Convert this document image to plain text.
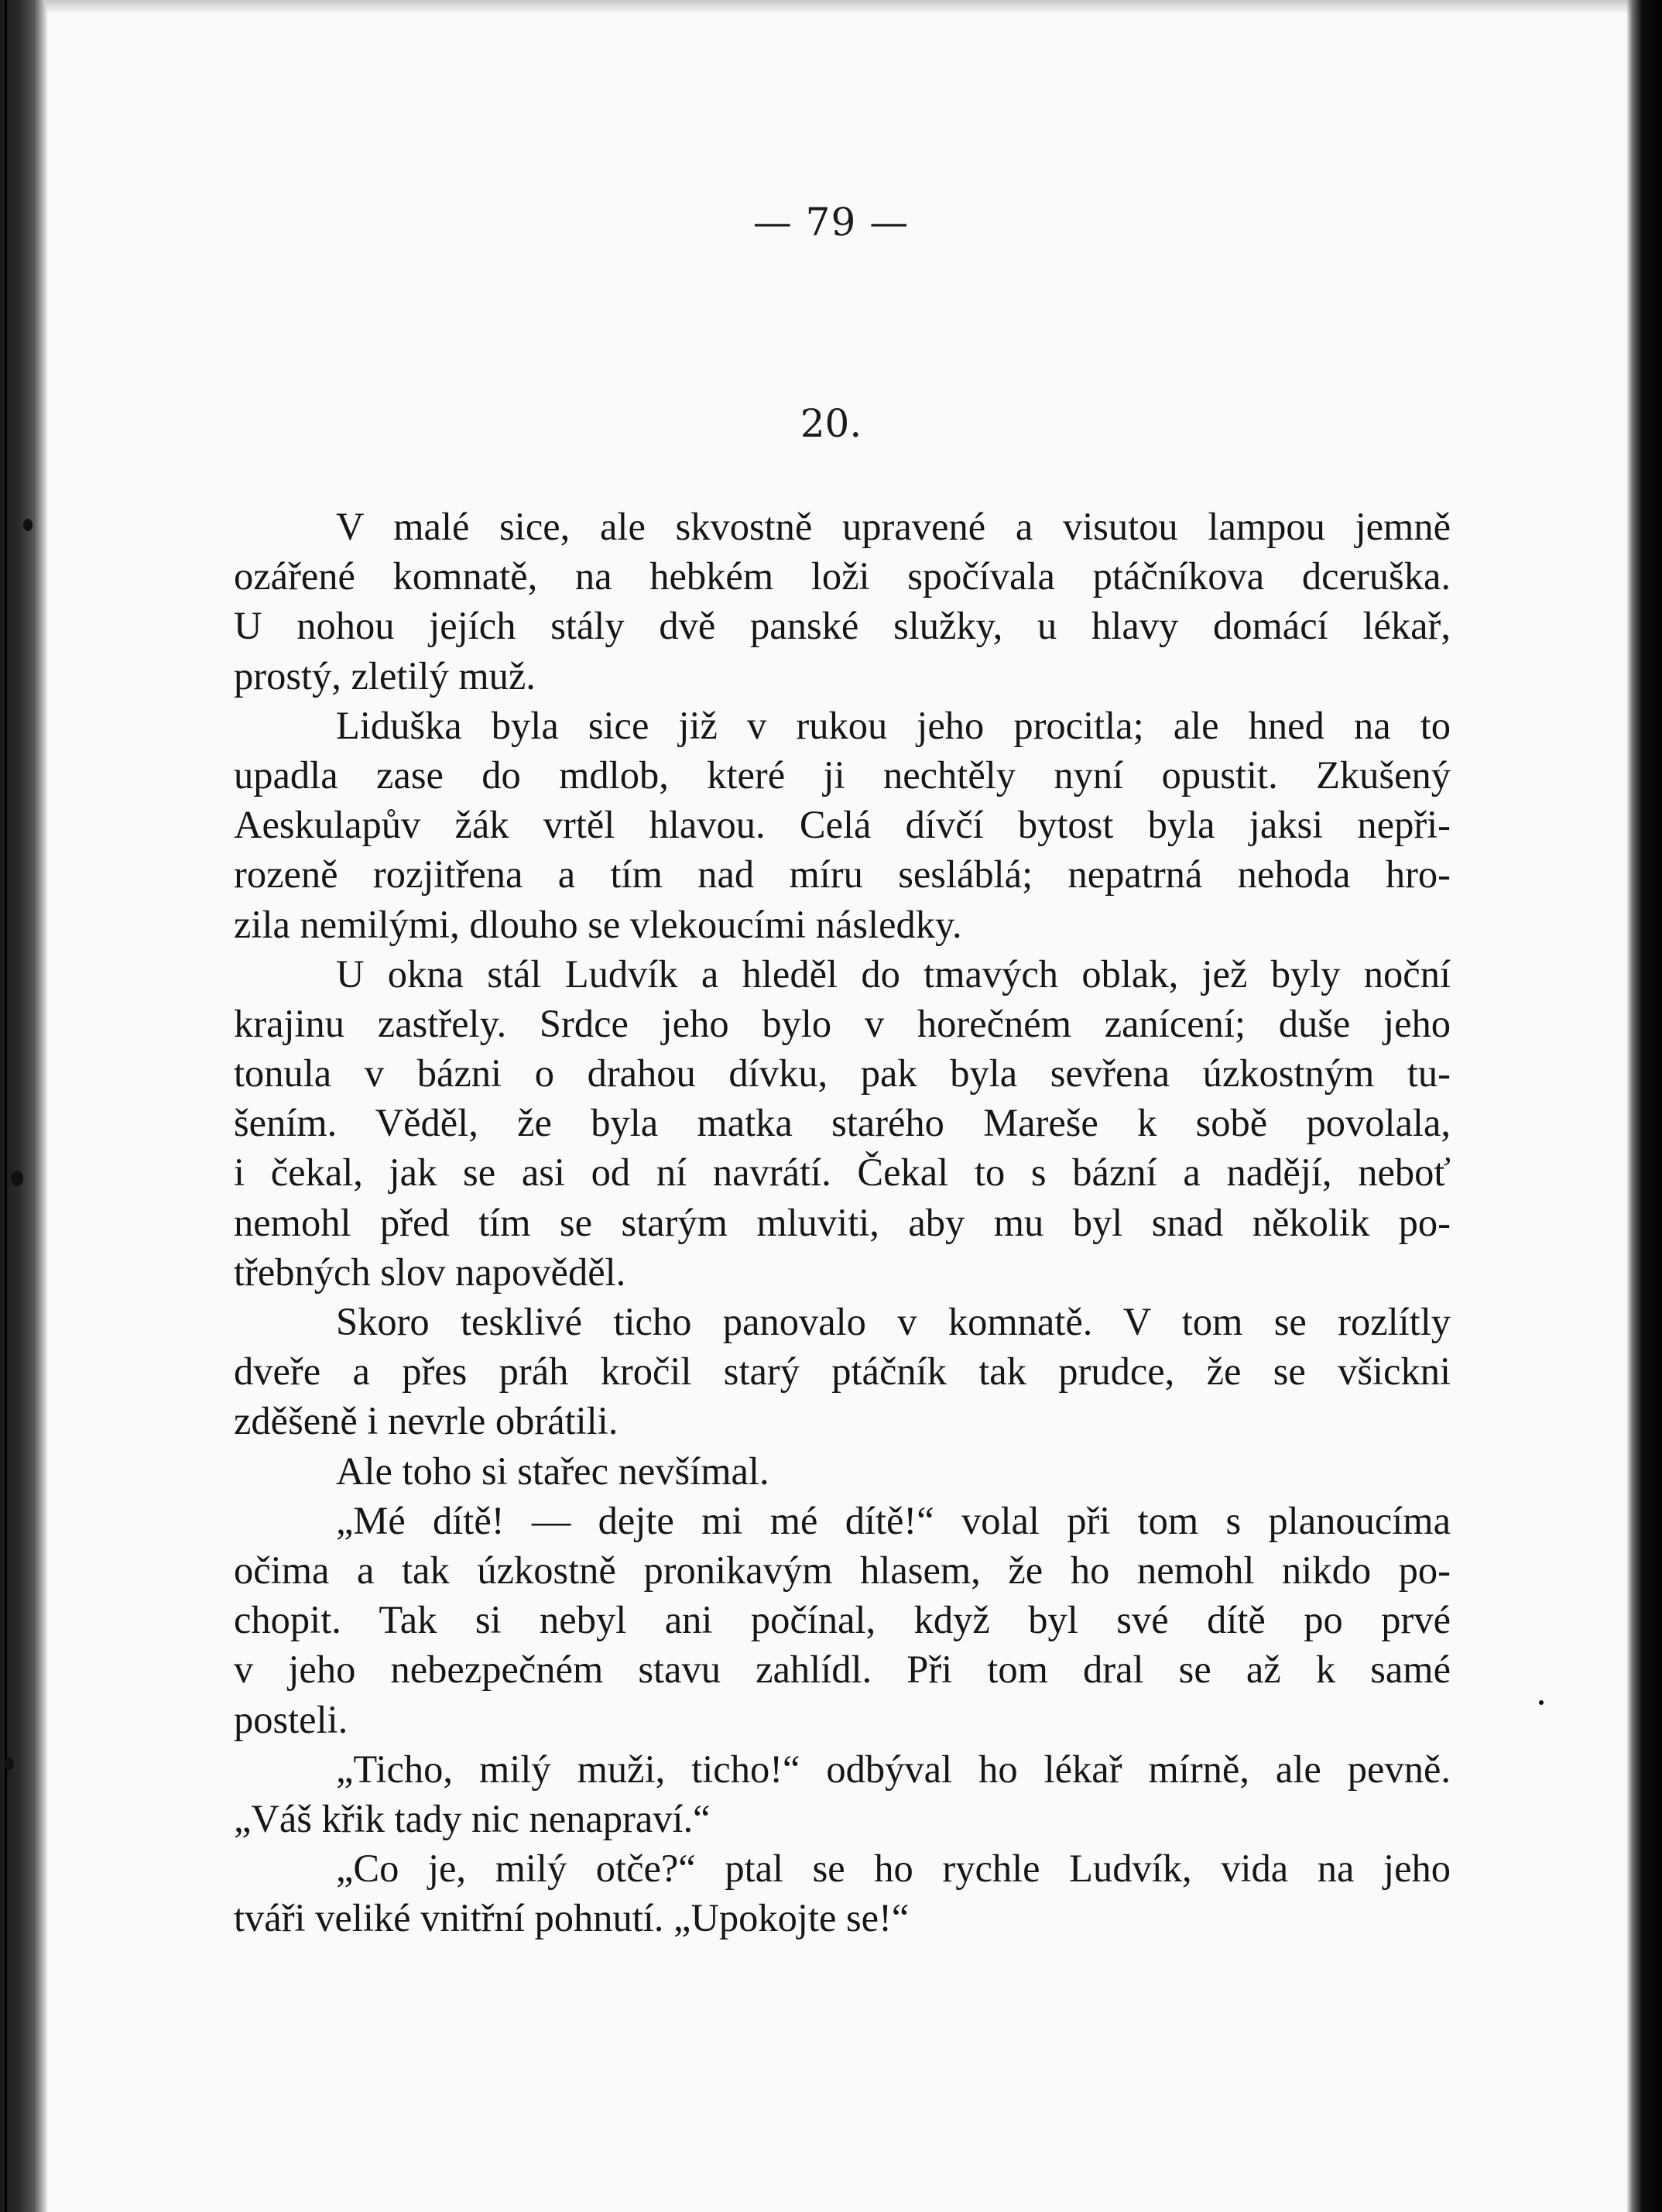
— 79 —
20.
V malé sice, ale skvostně upravené a visutou lampou jemně
ozářené komnatě, na hebkém loži spočívala ptáčníkova dceruška.
U nohou jejích stály dvě panské služky, u hlavy domácí lékař,
prostý, zletilý muž.
Liduška byla sice již v rukou jeho procitla; ale hned na to
upadla zase do mdlob, které ji nechtěly nyní opustit. Zkušený
Aeskulapův žák vrtěl hlavou. Celá dívčí bytost byla jaksi nepři-
rozeně rozjitřena a tím nad míru sesláblá; nepatrná nehoda hro-
zila nemilými, dlouho se vlekoucími následky.
U okna stál Ludvík a hleděl do tmavých oblak, jež byly noční
krajinu zastřely. Srdce jeho bylo v horečném zanícení; duše jeho
tonula v bázni o drahou dívku, pak byla sevřena úzkostným tu-
šením. Věděl, že byla matka starého Mareše k sobě povolala,
i čekal, jak se asi od ní navrátí. Čekal to s bázní a nadějí, neboť
nemohl před tím se starým mluviti, aby mu byl snad několik po-
třebných slov napověděl.
Skoro tesklivé ticho panovalo v komnatě. V tom se rozlítly
dveře a přes práh kročil starý ptáčník tak prudce, že se všickni
zděšeně i nevrle obrátili.
Ale toho si stařec nevšímal.
„Mé dítě! — dejte mi mé dítě!“ volal při tom s planoucíma
očima a tak úzkostně pronikavým hlasem, že ho nemohl nikdo po-
chopit. Tak si nebyl ani počínal, když byl své dítě po prvé
v jeho nebezpečném stavu zahlídl. Při tom dral se až k samé
posteli.
„Ticho, milý muži, ticho!“ odbýval ho lékař mírně, ale pevně.
„Váš křik tady nic nenapraví.“
„Co je, milý otče?“ ptal se ho rychle Ludvík, vida na jeho
tváři veliké vnitřní pohnutí. „Upokojte se!“
